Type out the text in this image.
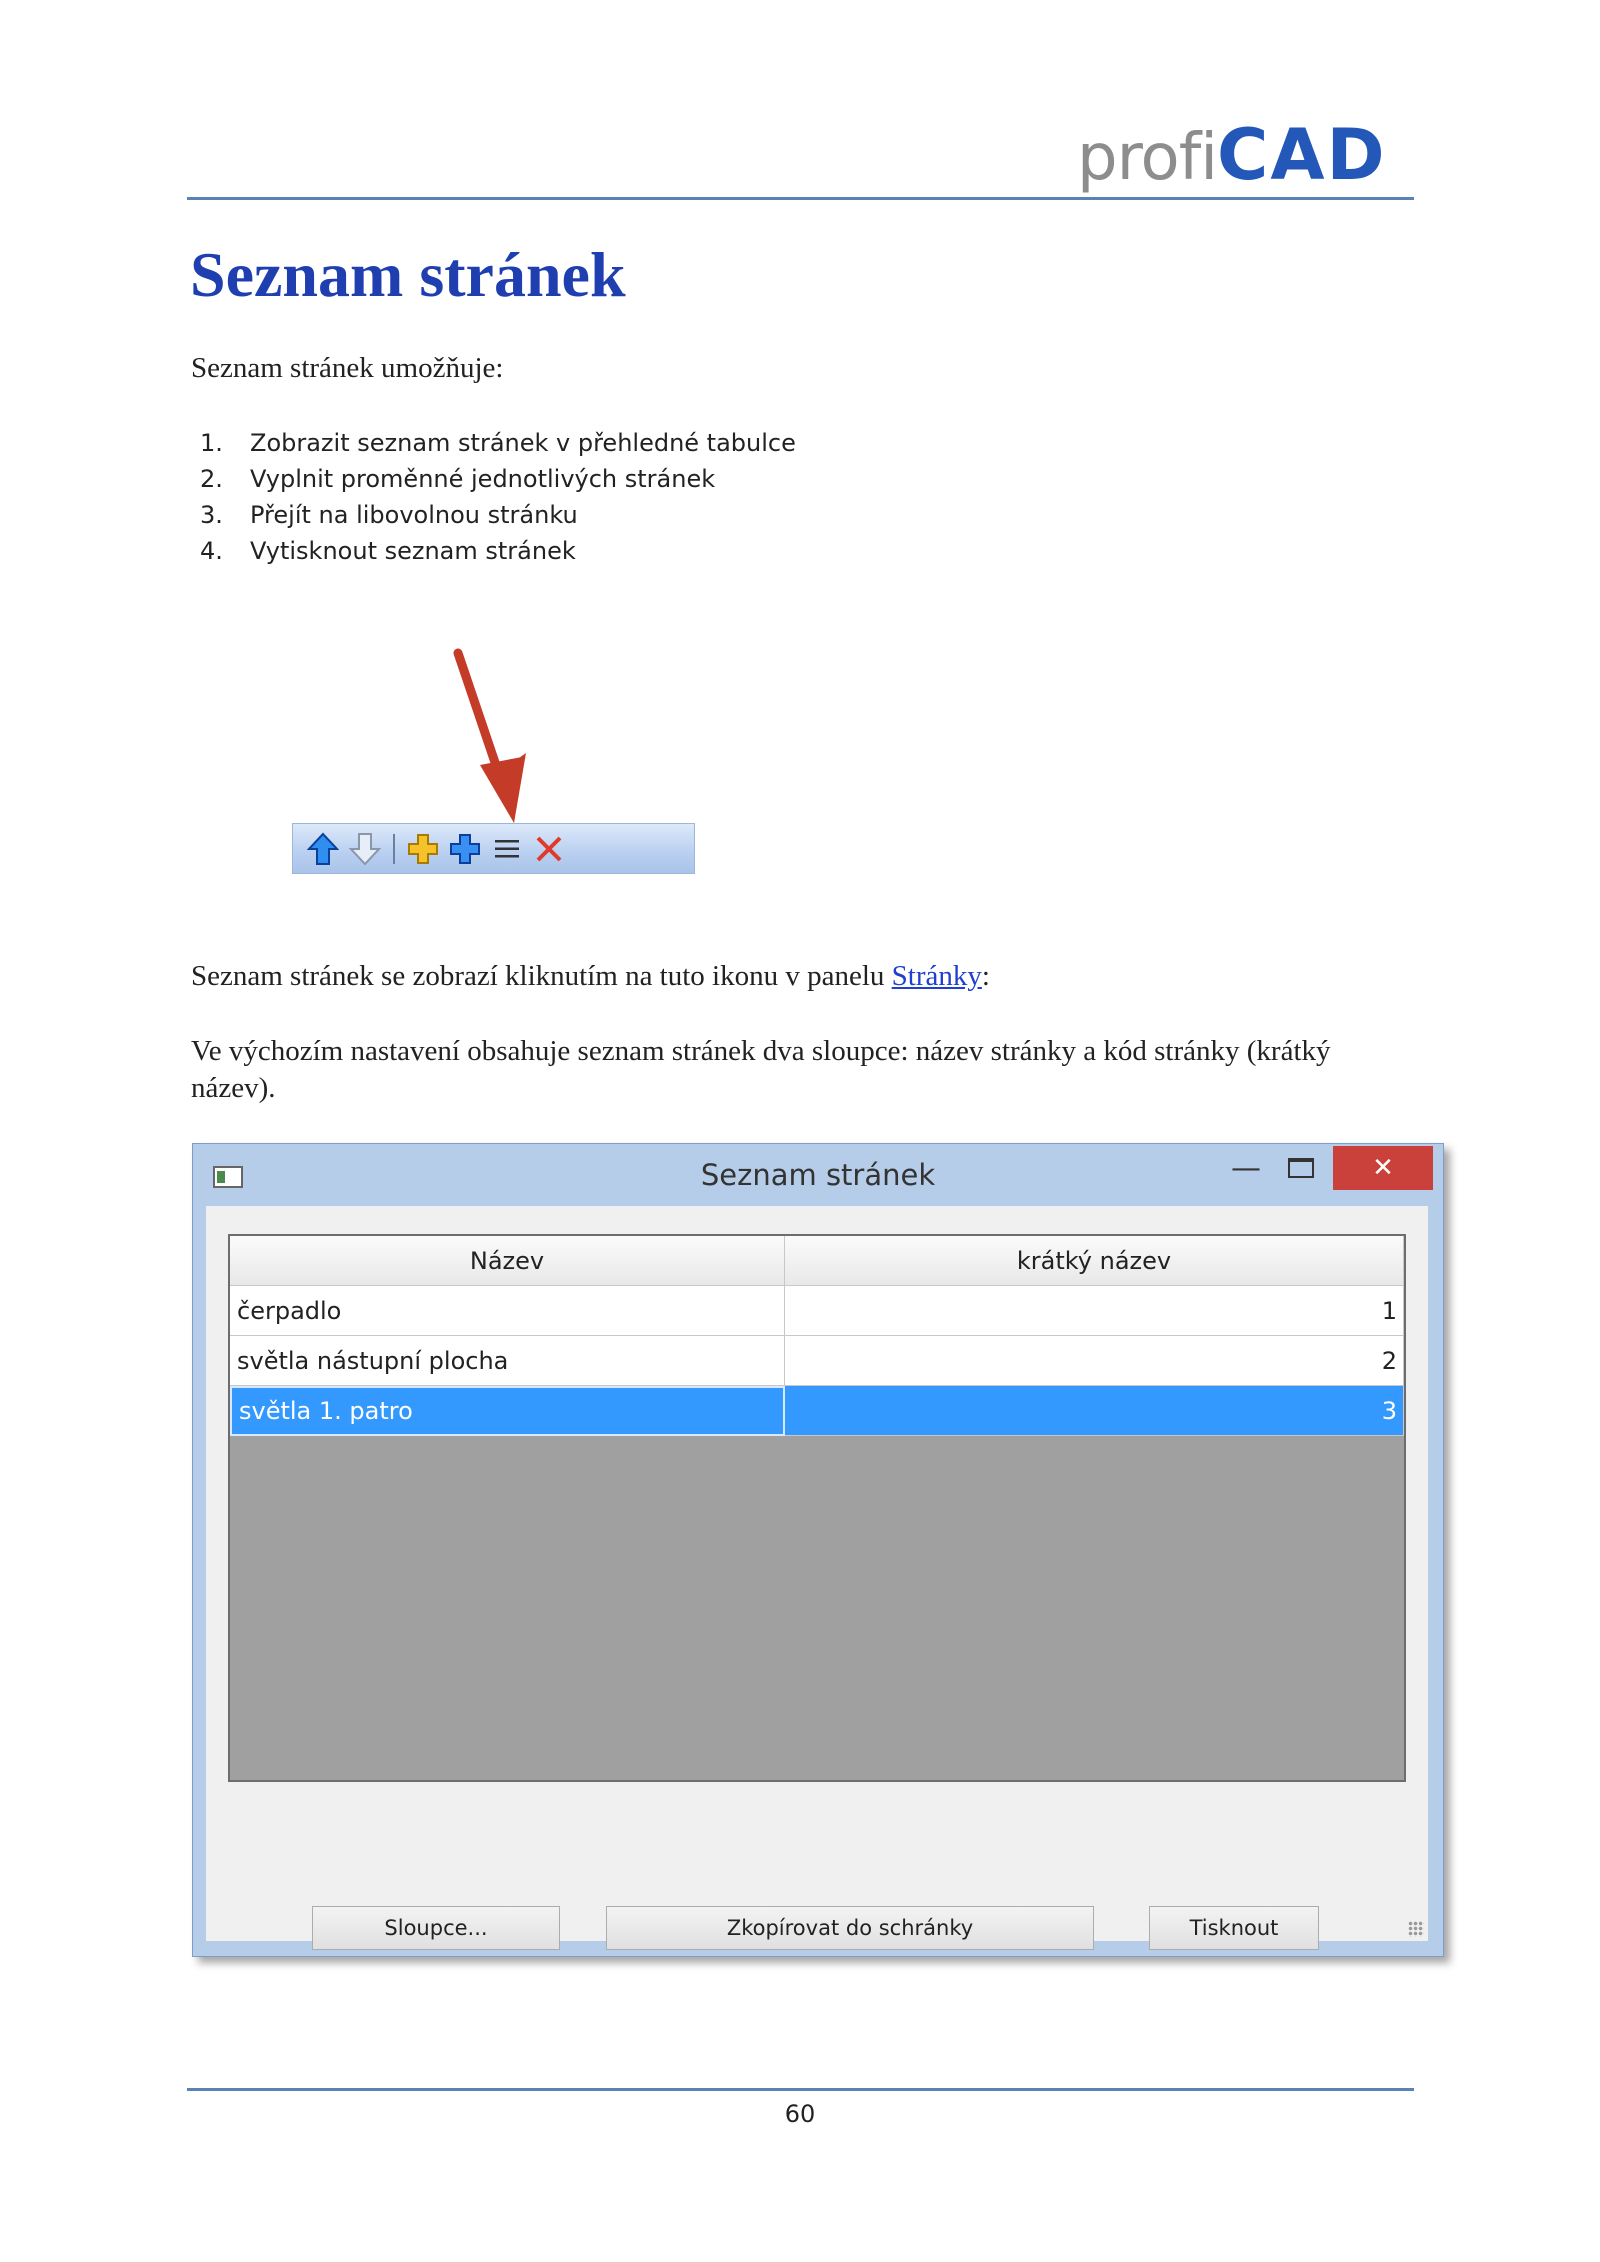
profi CAD
Seznam stránek
Seznam stránek umožňuje:
1.	Zobrazit seznam stránek v přehledné tabulce
2.	Vyplnit proměnné jednotlivých stránek
3.	Přejít na libovolnou stránku
4.	Vytisknout seznam stránek
Seznam stránek se zobrazí kliknutím na tuto ikonu v panelu Stránky:
Ve výchozím nastavení obsahuje seznam stránek dva sloupce: název stránky a kód stránky (krátký název).
Seznam stránek	—	✕
Název	krátký název
čerpadlo	1
světla nástupní plocha	2
světla 1. patro	3
Sloupce...	Zkopírovat do schránky	Tisknout
60
